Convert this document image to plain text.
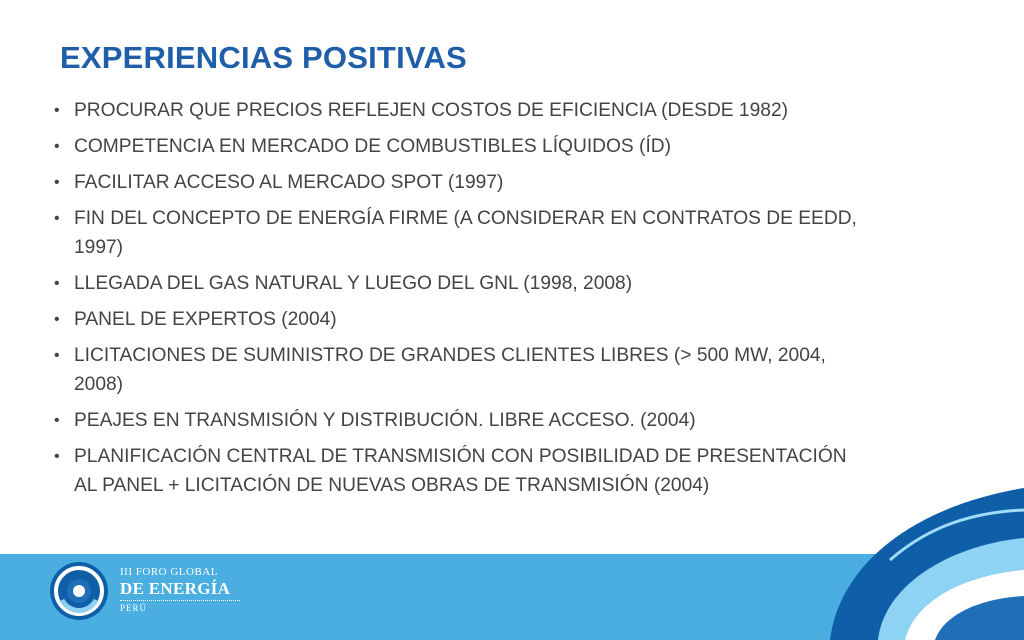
EXPERIENCIAS POSITIVAS
• PROCURAR QUE PRECIOS REFLEJEN COSTOS DE EFICIENCIA (DESDE 1982)
• COMPETENCIA EN MERCADO DE COMBUSTIBLES LÍQUIDOS (ÍD)
• FACILITAR ACCESO AL MERCADO SPOT (1997)
• FIN DEL CONCEPTO DE ENERGÍA FIRME (A CONSIDERAR EN CONTRATOS DE EEDD, 1997)
• LLEGADA DEL GAS NATURAL Y LUEGO DEL GNL (1998, 2008)
• PANEL DE EXPERTOS (2004)
• LICITACIONES DE SUMINISTRO DE GRANDES CLIENTES LIBRES (> 500 MW, 2004, 2008)
• PEAJES EN TRANSMISIÓN Y DISTRIBUCIÓN. LIBRE ACCESO. (2004)
• PLANIFICACIÓN CENTRAL DE TRANSMISIÓN CON POSIBILIDAD DE PRESENTACIÓN AL PANEL + LICITACIÓN DE NUEVAS OBRAS DE TRANSMISIÓN (2004)
III FORO GLOBAL
DE ENERGÍA
PERÚ
